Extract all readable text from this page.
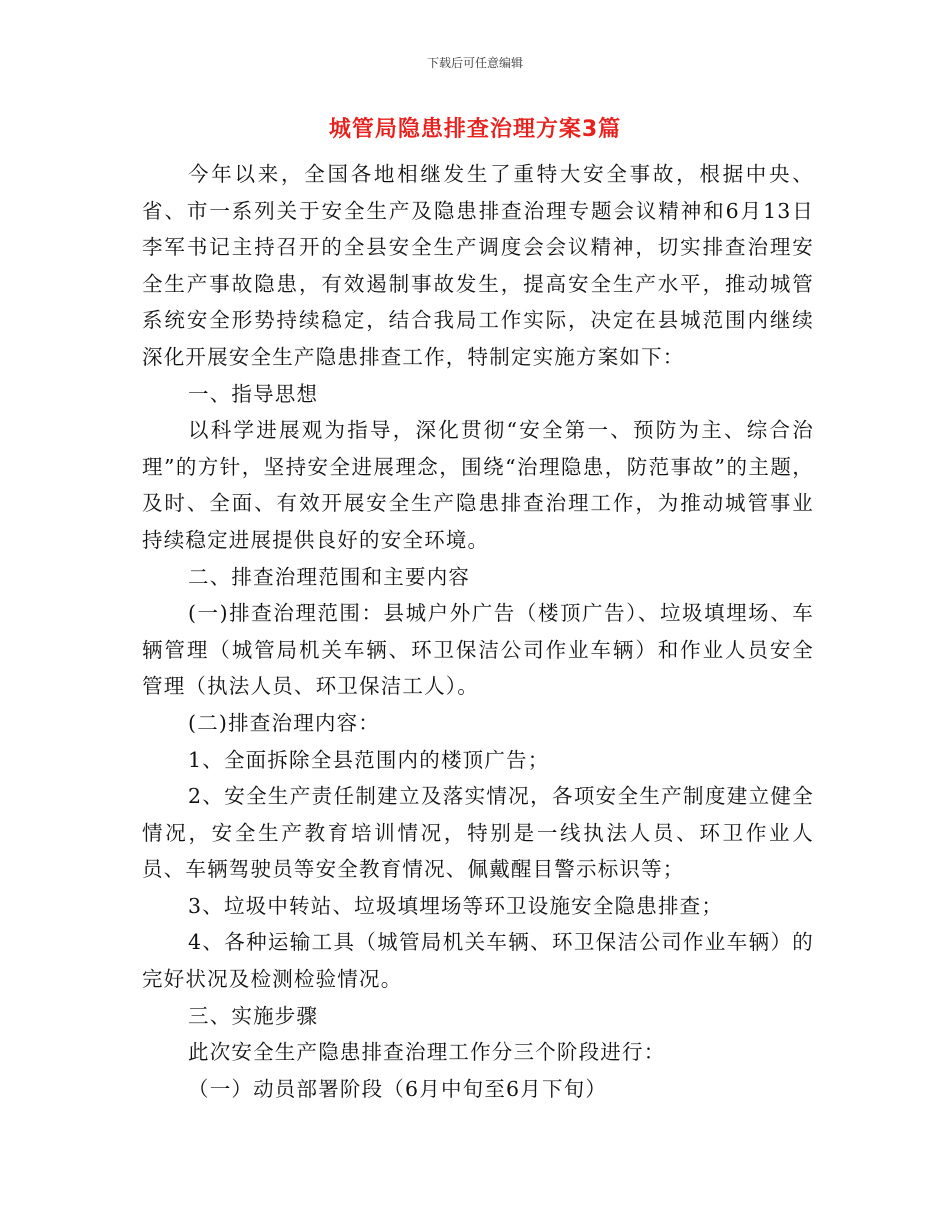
下载后可任意编辑
城管局隐患排查治理方案3篇

今年以来，全国各地相继发生了重特大安全事故，根据中央、省、市一系列关于安全生产及隐患排查治理专题会议精神和6月13日李军书记主持召开的全县安全生产调度会会议精神，切实排查治理安全生产事故隐患，有效遏制事故发生，提高安全生产水平，推动城管系统安全形势持续稳定，结合我局工作实际，决定在县城范围内继续深化开展安全生产隐患排查工作，特制定实施方案如下：

一、指导思想

以科学进展观为指导，深化贯彻“安全第一、预防为主、综合治理”的方针，坚持安全进展理念，围绕“治理隐患，防范事故”的主题，及时、全面、有效开展安全生产隐患排查治理工作，为推动城管事业持续稳定进展提供良好的安全环境。

二、排查治理范围和主要内容

(一)排查治理范围：县城户外广告（楼顶广告）、垃圾填埋场、车辆管理（城管局机关车辆、环卫保洁公司作业车辆）和作业人员安全管理（执法人员、环卫保洁工人）。

(二)排查治理内容：

1、全面拆除全县范围内的楼顶广告；

2、安全生产责任制建立及落实情况，各项安全生产制度建立健全情况，安全生产教育培训情况，特别是一线执法人员、环卫作业人员、车辆驾驶员等安全教育情况、佩戴醒目警示标识等；

3、垃圾中转站、垃圾填埋场等环卫设施安全隐患排查；

4、各种运输工具（城管局机关车辆、环卫保洁公司作业车辆）的完好状况及检测检验情况。

三、实施步骤

此次安全生产隐患排查治理工作分三个阶段进行：

（一）动员部署阶段（6月中旬至6月下旬）
